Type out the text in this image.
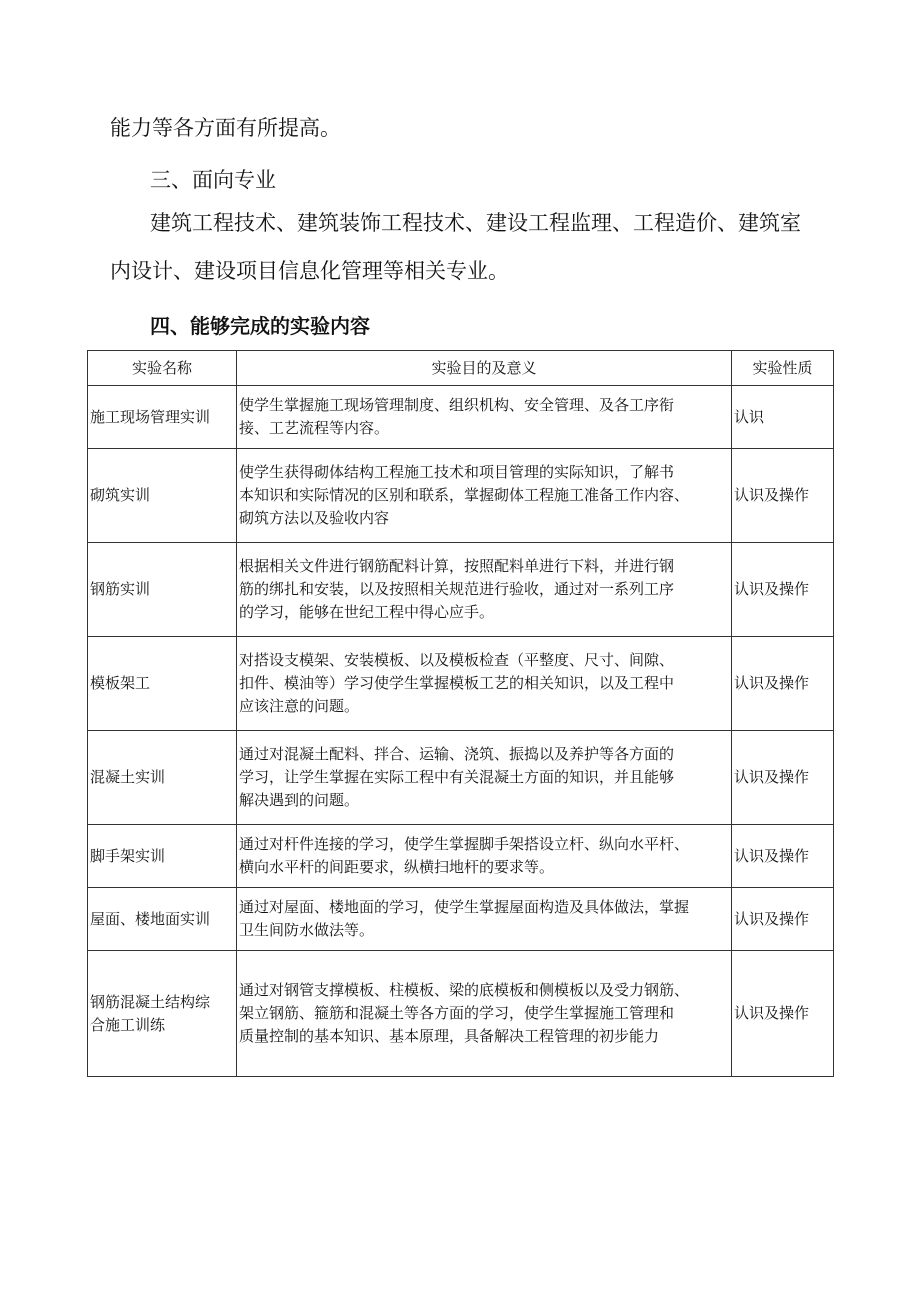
能力等各方面有所提高。

三、面向专业

建筑工程技术、建筑装饰工程技术、建设工程监理、工程造价、建筑室

内设计、建设项目信息化管理等相关专业。

四、能够完成的实验内容

实验名称	实验目的及意义	实验性质

施工现场管理实训	使学生掌握施工现场管理制度、组织机构、安全管理、及各工序衔
接、工艺流程等内容。	认识

砌筑实训	使学生获得砌体结构工程施工技术和项目管理的实际知识，了解书
本知识和实际情况的区别和联系，掌握砌体工程施工准备工作内容、
砌筑方法以及验收内容	认识及操作

钢筋实训	根据相关文件进行钢筋配料计算，按照配料单进行下料，并进行钢
筋的绑扎和安装，以及按照相关规范进行验收，通过对一系列工序
的学习，能够在世纪工程中得心应手。	认识及操作

模板架工	对搭设支模架、安装模板、以及模板检查（平整度、尺寸、间隙、
扣件、模油等）学习使学生掌握模板工艺的相关知识，以及工程中
应该注意的问题。	认识及操作

混凝土实训	通过对混凝土配料、拌合、运输、浇筑、振捣以及养护等各方面的
学习，让学生掌握在实际工程中有关混凝土方面的知识，并且能够
解决遇到的问题。	认识及操作

脚手架实训	通过对杆件连接的学习，使学生掌握脚手架搭设立杆、纵向水平杆、
横向水平杆的间距要求，纵横扫地杆的要求等。	认识及操作

屋面、楼地面实训	通过对屋面、楼地面的学习，使学生掌握屋面构造及具体做法，掌握
卫生间防水做法等。	认识及操作

钢筋混凝土结构综
合施工训练	通过对钢管支撑模板、柱模板、梁的底模板和侧模板以及受力钢筋、
架立钢筋、箍筋和混凝土等各方面的学习，使学生掌握施工管理和
质量控制的基本知识、基本原理，具备解决工程管理的初步能力	认识及操作
